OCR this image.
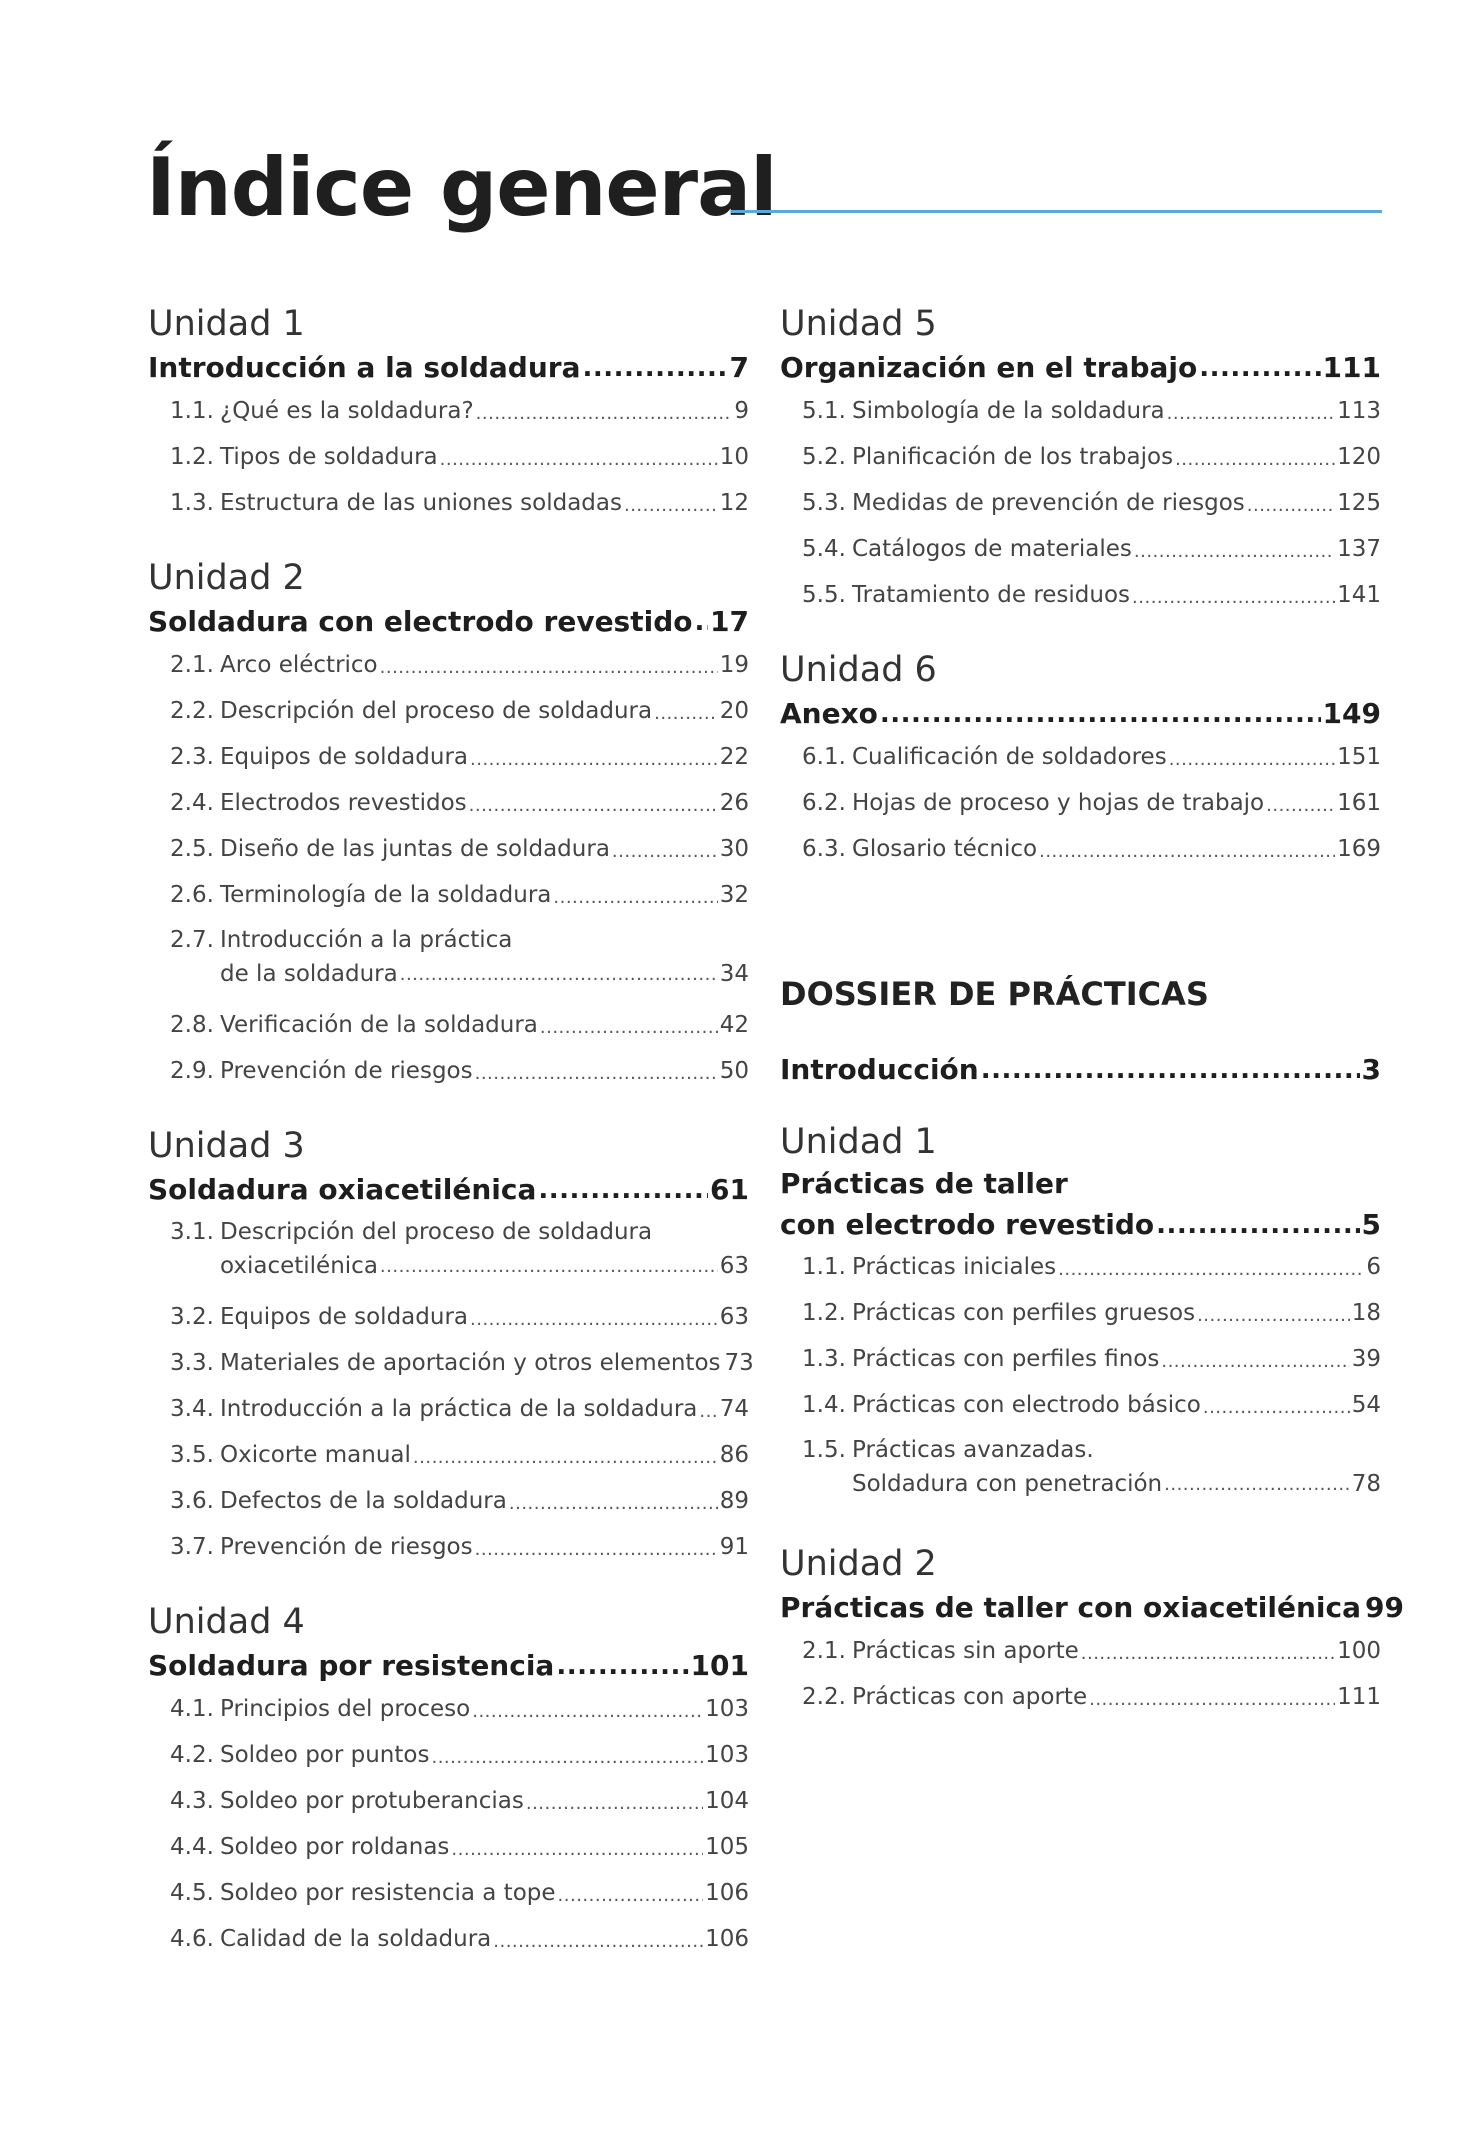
Índice general
Unidad 1
Introducción a la soldadura .....	7
1.1. ¿Qué es la soldadura? .....	9
1.2. Tipos de soldadura .....	10
1.3. Estructura de las uniones soldadas .....	12
Unidad 2
Soldadura con electrodo revestido ..... 17
2.1. Arco eléctrico .....	19
2.2. Descripción del proceso de soldadura .....	20
2.3. Equipos de soldadura .....	22
2.4. Electrodos revestidos .....	26
2.5. Diseño de las juntas de soldadura .....	30
2.6. Terminología de la soldadura .....	32
2.7. Introducción a la práctica
de la soldadura .....	34
2.8. Verificación de la soldadura .....	42
2.9. Prevención de riesgos .....	50
Unidad 3
Soldadura oxiacetilénica .....	61
3.1. Descripción del proceso de soldadura
oxiacetilénica .....	63
3.2. Equipos de soldadura .....	63
3.3. Materiales de aportación y otros elementos 73
3.4. Introducción a la práctica de la soldadura ..... 74
3.5. Oxicorte manual .....	86
3.6. Defectos de la soldadura .....	89
3.7. Prevención de riesgos .....	91
Unidad 4
Soldadura por resistencia .....	101
4.1. Principios del proceso .....	103
4.2. Soldeo por puntos .....	103
4.3. Soldeo por protuberancias .....	104
4.4. Soldeo por roldanas .....	105
4.5. Soldeo por resistencia a tope .....	106
4.6. Calidad de la soldadura .....	106
Unidad 5
Organización en el trabajo .....	111
5.1. Simbología de la soldadura .....	113
5.2. Planificación de los trabajos .....	120
5.3. Medidas de prevención de riesgos .....	125
5.4. Catálogos de materiales .....	137
5.5. Tratamiento de residuos .....	141
Unidad 6
Anexo .....	149
6.1. Cualificación de soldadores .....	151
6.2. Hojas de proceso y hojas de trabajo .....	161
6.3. Glosario técnico .....	169
DOSSIER DE PRÁCTICAS
Introducción .....	3
Unidad 1
Prácticas de taller
con electrodo revestido .....	5
1.1. Prácticas iniciales .....	6
1.2. Prácticas con perfiles gruesos .....	18
1.3. Prácticas con perfiles finos .....	39
1.4. Prácticas con electrodo básico .....	54
1.5. Prácticas avanzadas.
Soldadura con penetración .....	78
Unidad 2
Prácticas de taller con oxiacetilénica 99
2.1. Prácticas sin aporte .....	100
2.2. Prácticas con aporte .....	111
